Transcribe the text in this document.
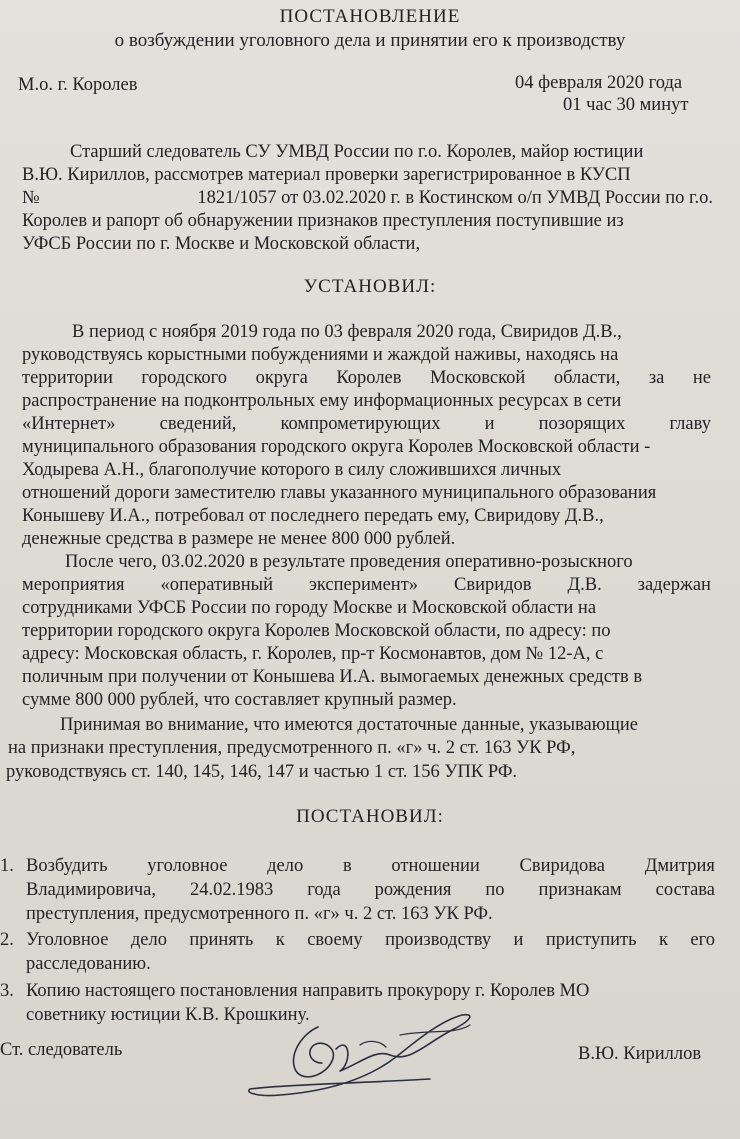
ПОСТАНОВЛЕНИЕ
о возбуждении уголовного дела и принятии его к производству
М.о. г. Королев	04 февраля 2020 года
01 час 30 минут
Старший следователь СУ УМВД России по г.о. Королев, майор юстиции
В.Ю. Кириллов, рассмотрев материал проверки зарегистрированное в КУСП
№	1821/1057 от 03.02.2020 г. в Костинском о/п УМВД России по г.о.
Королев и рапорт об обнаружении признаков преступления поступившие из
УФСБ России по г. Москве и Московской области,
УСТАНОВИЛ:
В период с ноября 2019 года по 03 февраля 2020 года, Свиридов Д.В.,
руководствуясь корыстными побуждениями и жаждой наживы, находясь на
территории городского округа Королев Московской области, за не
распространение на подконтрольных ему информационных ресурсах в сети
«Интернет» сведений, компрометирующих и позорящих главу
муниципального образования городского округа Королев Московской области -
Ходырева А.Н., благополучие которого в силу сложившихся личных
отношений дороги заместителю главы указанного муниципального образования
Конышеву И.А., потребовал от последнего передать ему, Свиридову Д.В.,
денежные средства в размере не менее 800 000 рублей.
После чего, 03.02.2020 в результате проведения оперативно-розыскного
мероприятия «оперативный эксперимент» Свиридов Д.В. задержан
сотрудниками УФСБ России по городу Москве и Московской области на
территории городского округа Королев Московской области, по адресу: по
адресу: Московская область, г. Королев, пр-т Космонавтов, дом № 12-А, с
поличным при получении от Конышева И.А. вымогаемых денежных средств в
сумме 800 000 рублей, что составляет крупный размер.
Принимая во внимание, что имеются достаточные данные, указывающие
на признаки преступления, предусмотренного п. «г» ч. 2 ст. 163 УК РФ,
руководствуясь ст. 140, 145, 146, 147 и частью 1 ст. 156 УПК РФ.
ПОСТАНОВИЛ:
1. Возбудить уголовное дело в отношении Свиридова Дмитрия
Владимировича, 24.02.1983 года рождения по признакам состава
преступления, предусмотренного п. «г» ч. 2 ст. 163 УК РФ.
2. Уголовное дело принять к своему производству и приступить к его
расследованию.
3. Копию настоящего постановления направить прокурору г. Королев МО
советнику юстиции К.В. Крошкину.
Ст. следователь	В.Ю. Кириллов
